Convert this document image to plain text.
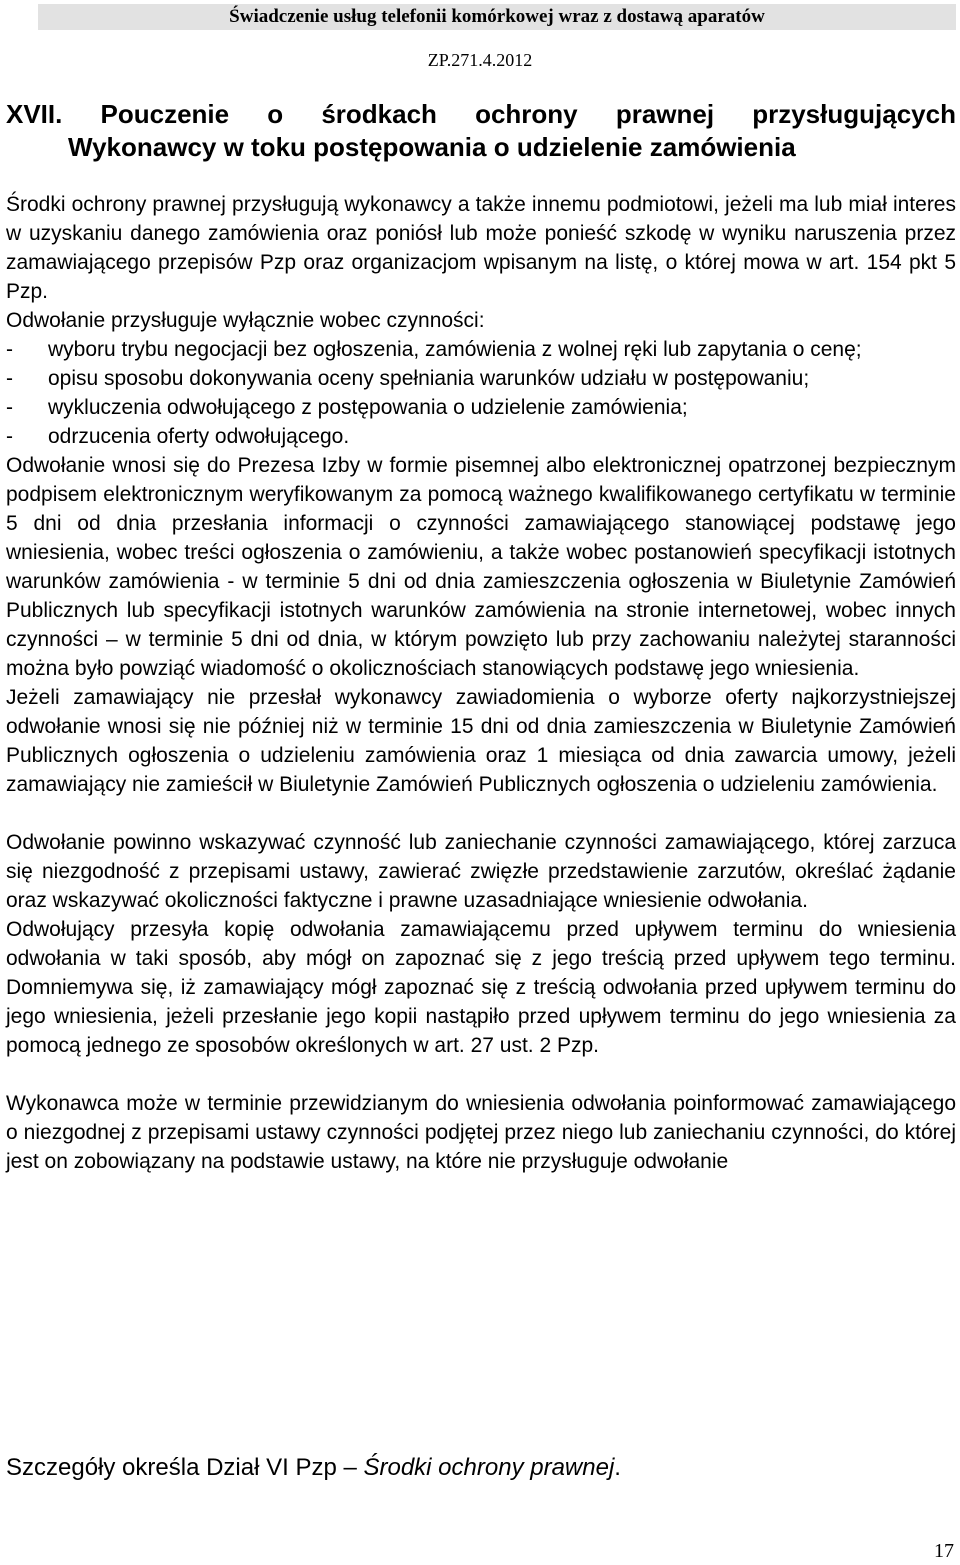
Świadczenie usług telefonii komórkowej wraz z dostawą aparatów
ZP.271.4.2012
XVII. Pouczenie o środkach ochrony prawnej przysługujących
Wykonawcy w toku postępowania o udzielenie zamówienia

Środki ochrony prawnej przysługują wykonawcy a także innemu podmiotowi, jeżeli ma lub miał interes w uzyskaniu danego zamówienia oraz poniósł lub może ponieść szkodę w wyniku naruszenia przez zamawiającego przepisów Pzp oraz organizacjom wpisanym na listę, o której mowa w art. 154 pkt 5 Pzp.

Odwołanie przysługuje wyłącznie wobec czynności:

-	wyboru trybu negocjacji bez ogłoszenia, zamówienia z wolnej ręki lub zapytania o cenę;
-	opisu sposobu dokonywania oceny spełniania warunków udziału w postępowaniu;
-	wykluczenia odwołującego z postępowania o udzielenie zamówienia;
-	odrzucenia oferty odwołującego.

Odwołanie wnosi się do Prezesa Izby w formie pisemnej albo elektronicznej opatrzonej bezpiecznym podpisem elektronicznym weryfikowanym za pomocą ważnego kwalifikowanego certyfikatu w terminie 5 dni od dnia przesłania informacji o czynności zamawiającego stanowiącej podstawę jego wniesienia, wobec treści ogłoszenia o zamówieniu, a także wobec postanowień specyfikacji istotnych warunków zamówienia - w terminie 5 dni od dnia zamieszczenia ogłoszenia w Biuletynie Zamówień Publicznych lub specyfikacji istotnych warunków zamówienia na stronie internetowej, wobec innych czynności – w terminie 5 dni od dnia, w którym powzięto lub przy zachowaniu należytej staranności można było powziąć wiadomość o okolicznościach stanowiących podstawę jego wniesienia.

Jeżeli zamawiający nie przesłał wykonawcy zawiadomienia o wyborze oferty najkorzystniejszej odwołanie wnosi się nie później niż w terminie 15 dni od dnia zamieszczenia w Biuletynie Zamówień Publicznych ogłoszenia o udzieleniu zamówienia oraz 1 miesiąca od dnia zawarcia umowy, jeżeli zamawiający nie zamieścił w Biuletynie Zamówień Publicznych ogłoszenia o udzieleniu zamówienia.

Odwołanie powinno wskazywać czynność lub zaniechanie czynności zamawiającego, której zarzuca się niezgodność z przepisami ustawy, zawierać zwięzłe przedstawienie zarzutów, określać żądanie oraz wskazywać okoliczności faktyczne i prawne uzasadniające wniesienie odwołania.

Odwołujący przesyła kopię odwołania zamawiającemu przed upływem terminu do wniesienia odwołania w taki sposób, aby mógł on zapoznać się z jego treścią przed upływem tego terminu. Domniemywa się, iż zamawiający mógł zapoznać się z treścią odwołania przed upływem terminu do jego wniesienia, jeżeli przesłanie jego kopii nastąpiło przed upływem terminu do jego wniesienia za pomocą jednego ze sposobów określonych w art. 27 ust. 2 Pzp.

Wykonawca może w terminie przewidzianym do wniesienia odwołania poinformować zamawiającego o niezgodnej z przepisami ustawy czynności podjętej przez niego lub zaniechaniu czynności, do której jest on zobowiązany na podstawie ustawy, na które nie przysługuje odwołanie

Szczegóły określa Dział VI Pzp – Środki ochrony prawnej.
17
